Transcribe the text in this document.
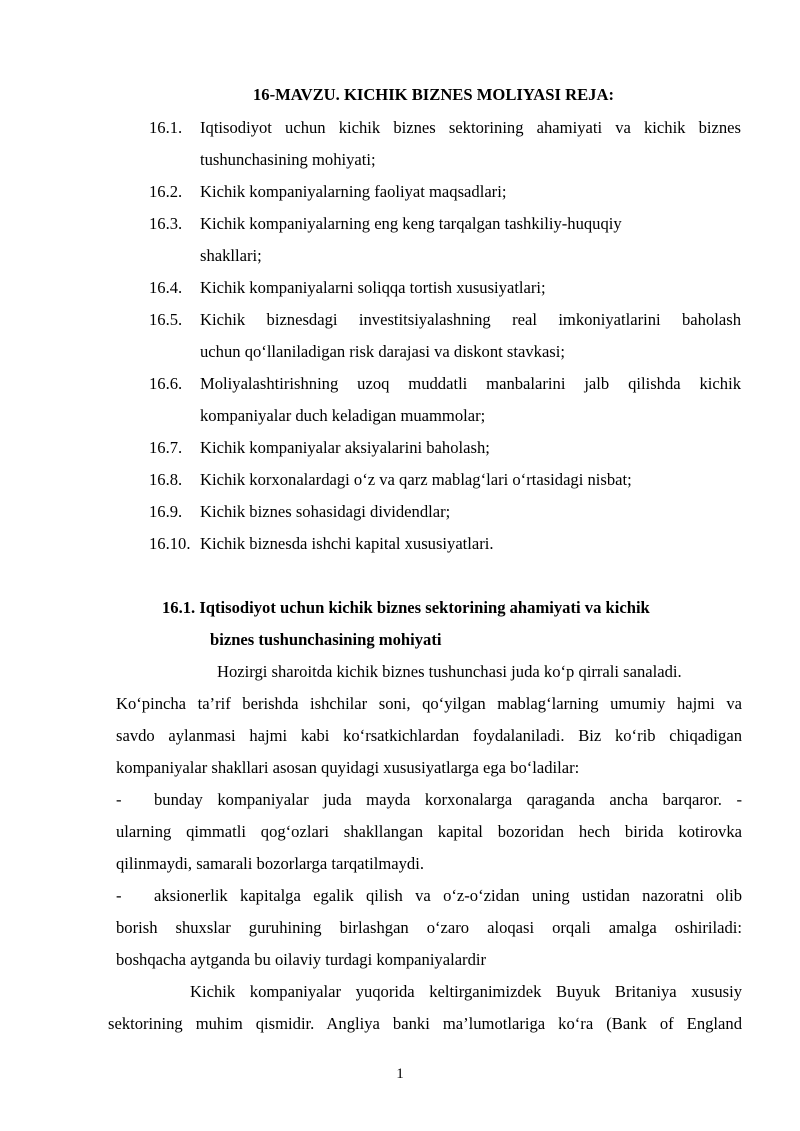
16-MAVZU. KICHIK BIZNES MOLIYASI REJA:
16.1. Iqtisodiyot uchun kichik biznes sektorining ahamiyati va kichik biznes
tushunchasining mohiyati;
16.2. Kichik kompaniyalarning faoliyat maqsadlari;
16.3. Kichik kompaniyalarning eng keng tarqalgan tashkiliy-huquqiy
shakllari;
16.4. Kichik kompaniyalarni soliqqa tortish xususiyatlari;
16.5. Kichik biznesdagi investitsiyalashning real imkoniyatlarini baholash
uchun qo‘llaniladigan risk darajasi va diskont stavkasi;
16.6. Moliyalashtirishning uzoq muddatli manbalarini jalb qilishda kichik
kompaniyalar duch keladigan muammolar;
16.7. Kichik kompaniyalar aksiyalarini baholash;
16.8. Kichik korxonalardagi o‘z va qarz mablag‘lari o‘rtasidagi nisbat;
16.9. Kichik biznes sohasidagi dividendlar;
16.10. Kichik biznesda ishchi kapital xususiyatlari.
16.1. Iqtisodiyot uchun kichik biznes sektorining ahamiyati va kichik
biznes tushunchasining mohiyati
Hozirgi sharoitda kichik biznes tushunchasi juda ko‘p qirrali sanaladi.
Ko‘pincha ta’rif berishda ishchilar soni, qo‘yilgan mablag‘larning umumiy hajmi va
savdo aylanmasi hajmi kabi ko‘rsatkichlardan foydalaniladi. Biz ko‘rib chiqadigan
kompaniyalar shakllari asosan quyidagi xususiyatlarga ega bo‘ladilar:
- bunday kompaniyalar juda mayda korxonalarga qaraganda ancha barqaror. -
ularning qimmatli qog‘ozlari shakllangan kapital bozoridan hech birida kotirovka
qilinmaydi, samarali bozorlarga tarqatilmaydi.
- aksionerlik kapitalga egalik qilish va o‘z-o‘zidan uning ustidan nazoratni olib
borish shuxslar guruhining birlashgan o‘zaro aloqasi orqali amalga oshiriladi:
boshqacha aytganda bu oilaviy turdagi kompaniyalardir
Kichik kompaniyalar yuqorida keltirganimizdek Buyuk Britaniya xususiy
sektorining muhim qismidir. Angliya banki ma’lumotlariga ko‘ra (Bank of England
1
